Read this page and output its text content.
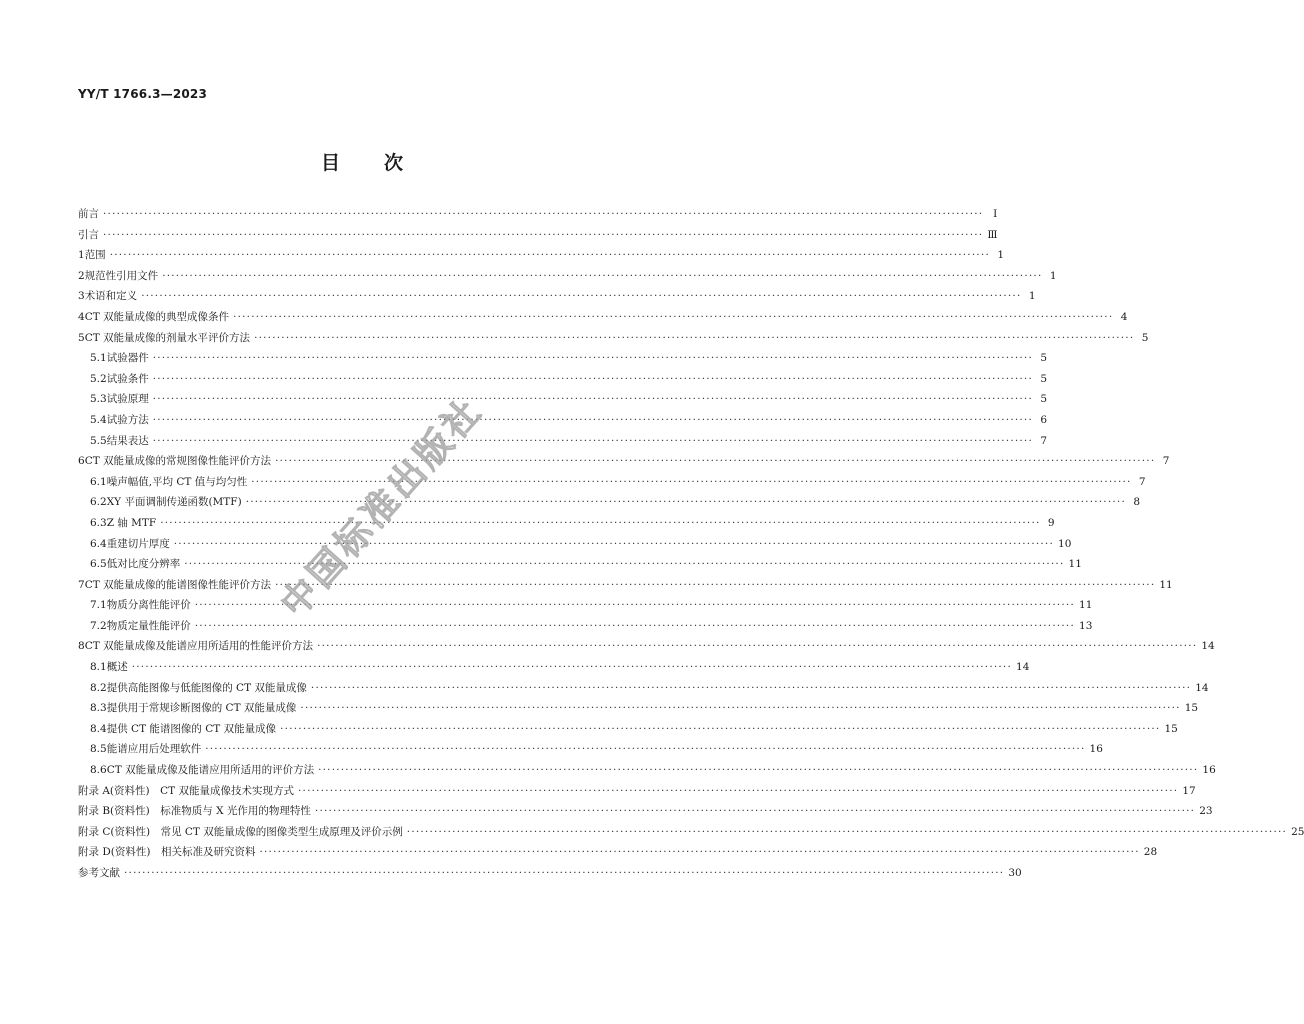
YY/T 1766.3—2023
目 次
前言 ·····	Ⅰ
引言 ·····	Ⅲ
1 范围 ·····	1
2 规范性引用文件 ·····	1
3 术语和定义 ·····	1
4 CT 双能量成像的典型成像条件 ·····	4
5 CT 双能量成像的剂量水平评价方法 ·····	5
5.1 试验器件 ·····	5
5.2 试验条件 ·····	5
5.3 试验原理 ·····	5
5.4 试验方法 ·····	6
5.5 结果表达 ·····	7
6 CT 双能量成像的常规图像性能评价方法 ·····	7
6.1 噪声幅值,平均 CT 值与均匀性 ·····	7
6.2 XY 平面调制传递函数(MTF) ·····	8
6.3 Z 轴 MTF ·····	9
6.4 重建切片厚度 ·····	10
6.5 低对比度分辨率 ·····	11
7 CT 双能量成像的能谱图像性能评价方法 ·····	11
7.1 物质分离性能评价 ·····	11
7.2 物质定量性能评价 ·····	13
8 CT 双能量成像及能谱应用所适用的性能评价方法 ·····	14
8.1 概述 ·····	14
8.2 提供高能图像与低能图像的 CT 双能量成像 ·····	14
8.3 提供用于常规诊断图像的 CT 双能量成像 ·····	15
8.4 提供 CT 能谱图像的 CT 双能量成像 ·····	15
8.5 能谱应用后处理软件 ·····	16
8.6 CT 双能量成像及能谱应用所适用的评价方法 ·····	16
附录 A(资料性)　CT 双能量成像技术实现方式 ·····	17
附录 B(资料性)　标准物质与 X 光作用的物理特性 ·····	23
附录 C(资料性)　常见 CT 双能量成像的图像类型生成原理及评价示例 ·····	25
附录 D(资料性)　相关标准及研究资料 ·····	28
参考文献 ·····	30
中国标准出版社
